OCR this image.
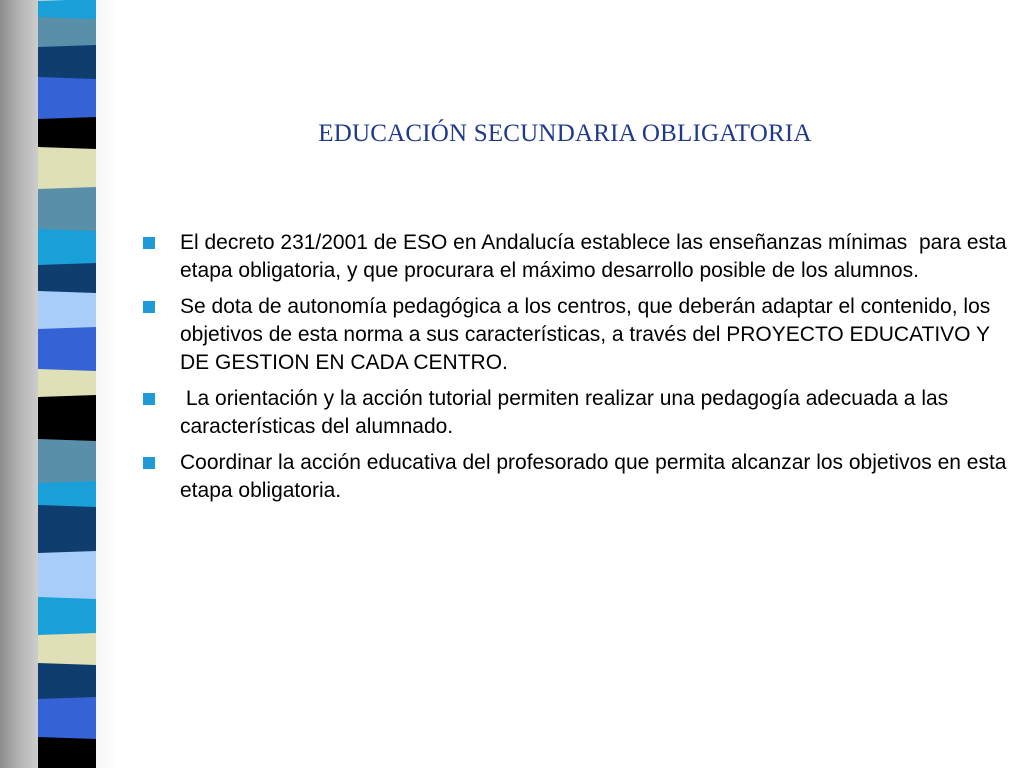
EDUCACIÓN SECUNDARIA OBLIGATORIA
El decreto 231/2001 de ESO en Andalucía establece las enseñanzas mínimas  para esta etapa obligatoria, y que procurara el máximo desarrollo posible de los alumnos.
Se dota de autonomía pedagógica a los centros, que deberán adaptar el contenido, los objetivos de esta norma a sus características, a través del PROYECTO EDUCATIVO Y DE GESTION EN CADA CENTRO.
La orientación y la acción tutorial permiten realizar una pedagogía adecuada a las características del alumnado.
Coordinar la acción educativa del profesorado que permita alcanzar los objetivos en esta etapa obligatoria.
